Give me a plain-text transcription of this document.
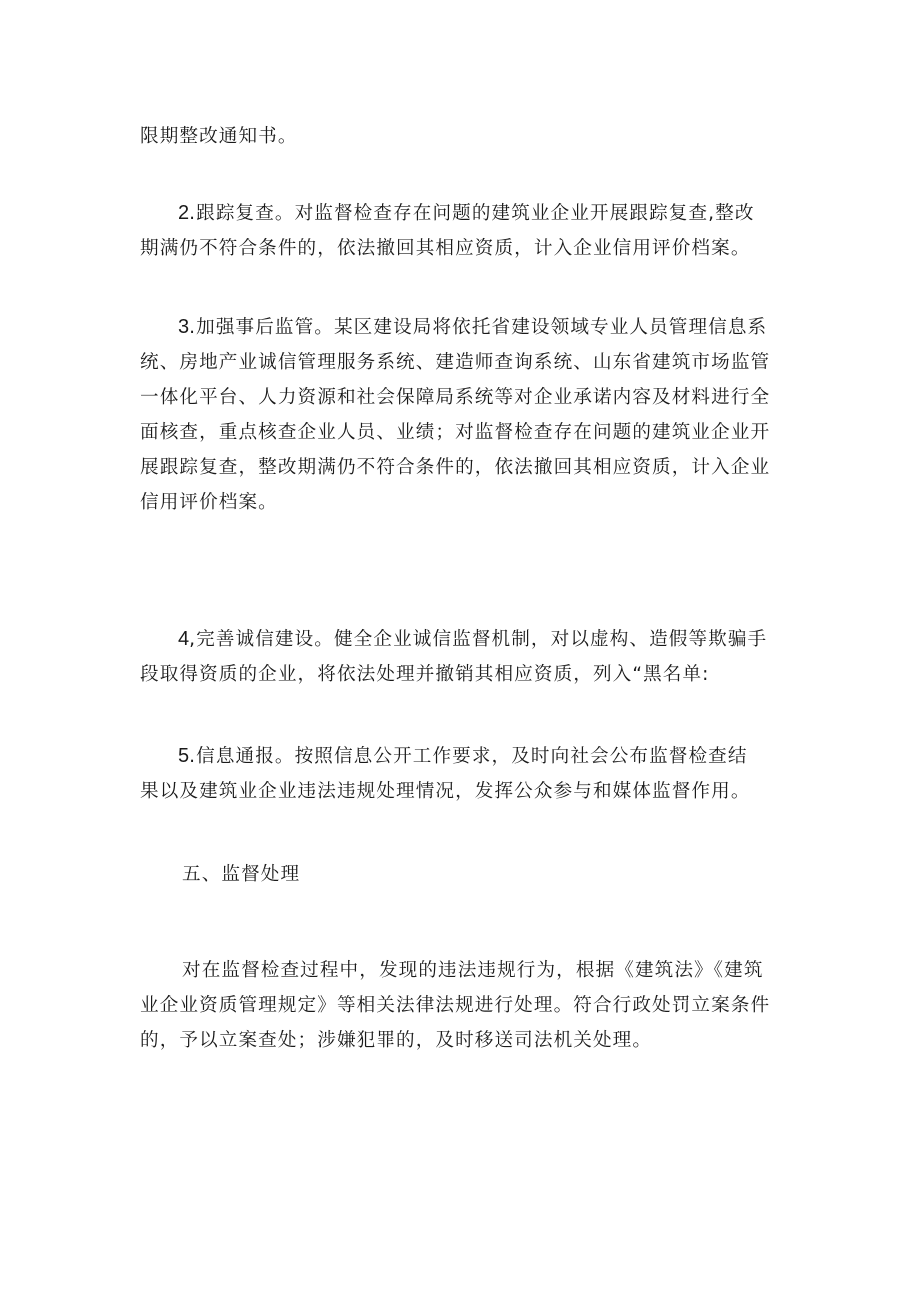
限期整改通知书。

2.跟踪复查。对监督检查存在问题的建筑业企业开展跟踪复查,整改
期满仍不符合条件的，依法撤回其相应资质，计入企业信用评价档案。

3.加强事后监管。某区建设局将依托省建设领域专业人员管理信息系
统、房地产业诚信管理服务系统、建造师查询系统、山东省建筑市场监管
一体化平台、人力资源和社会保障局系统等对企业承诺内容及材料进行全
面核查，重点核查企业人员、业绩；对监督检查存在问题的建筑业企业开
展跟踪复查，整改期满仍不符合条件的，依法撤回其相应资质，计入企业
信用评价档案。

4,完善诚信建设。健全企业诚信监督机制，对以虚构、造假等欺骗手
段取得资质的企业，将依法处理并撤销其相应资质，列入“黑名单:

5.信息通报。按照信息公开工作要求，及时向社会公布监督检查结
果以及建筑业企业违法违规处理情况，发挥公众参与和媒体监督作用。

五、监督处理

对在监督检查过程中，发现的违法违规行为，根据《建筑法》《建筑
业企业资质管理规定》等相关法律法规进行处理。符合行政处罚立案条件
的，予以立案查处；涉嫌犯罪的，及时移送司法机关处理。
